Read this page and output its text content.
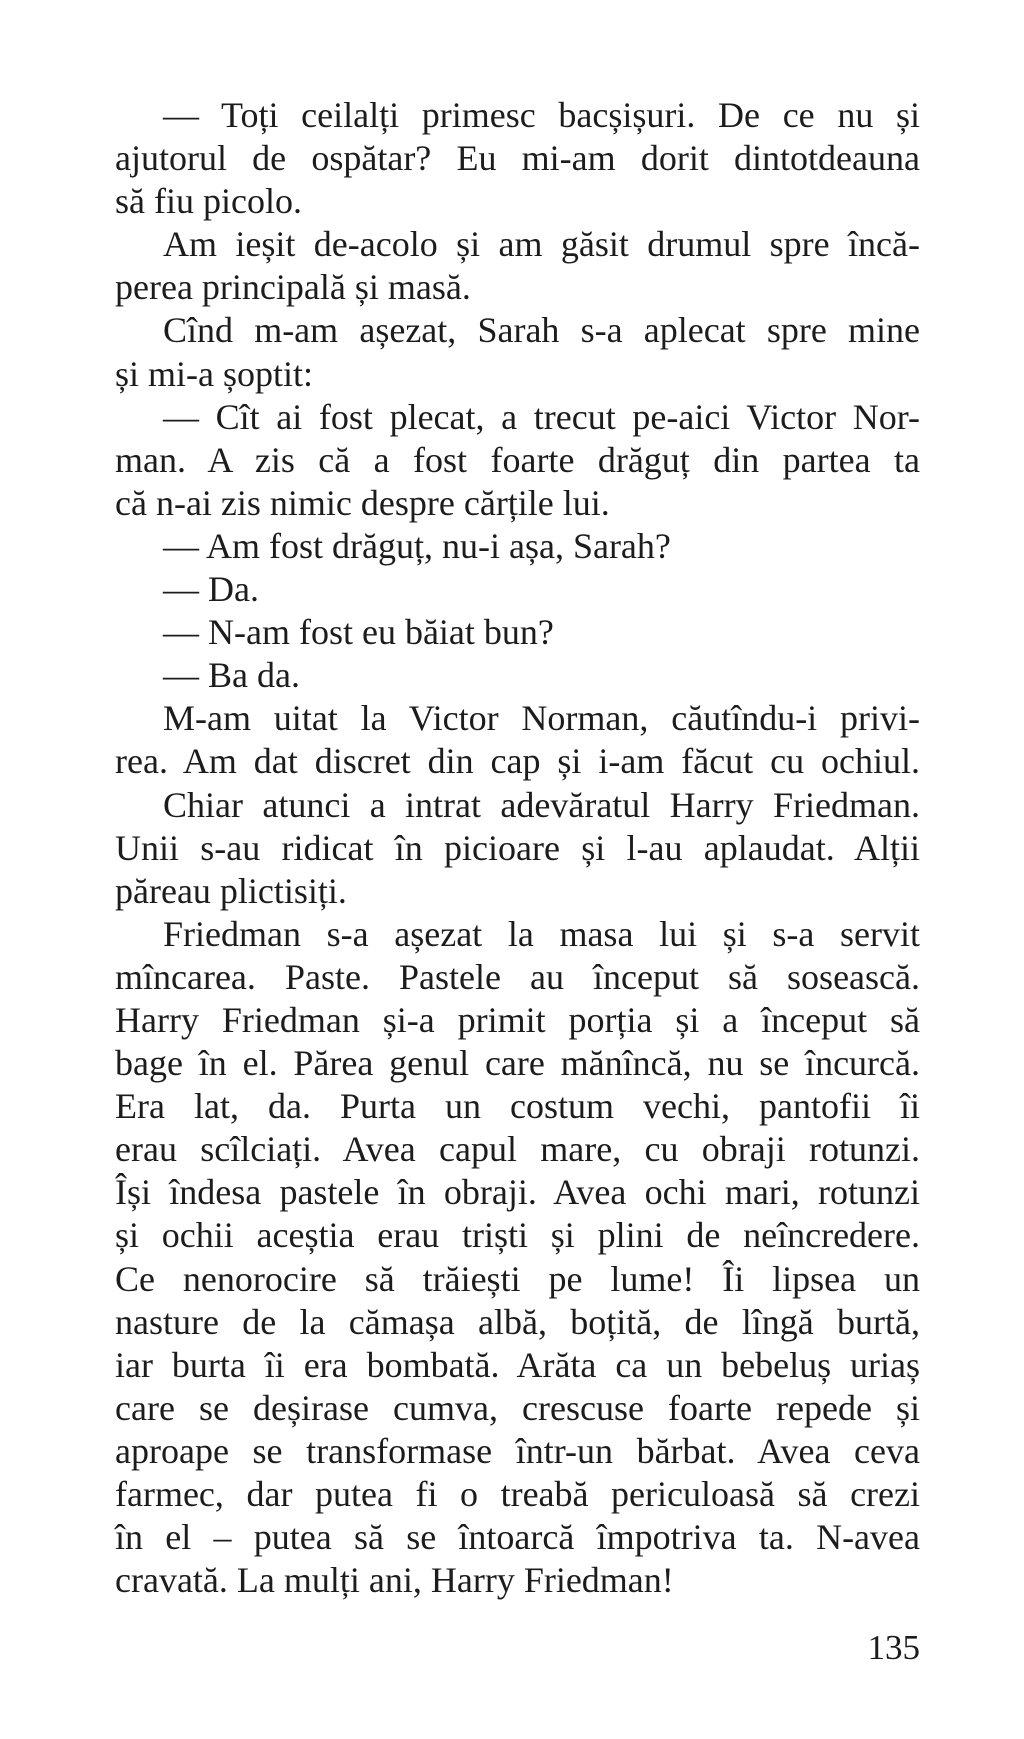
— Toți ceilalți primesc bacșișuri. De ce nu și
ajutorul de ospătar? Eu mi-am dorit dintotdeauna
să fiu picolo.
Am ieșit de-acolo și am găsit drumul spre încă-
perea principală și masă.
Cînd m-am așezat, Sarah s-a aplecat spre mine
și mi-a șoptit:
— Cît ai fost plecat, a trecut pe-aici Victor Nor-
man. A zis că a fost foarte drăguț din partea ta
că n-ai zis nimic despre cărțile lui.
— Am fost drăguț, nu-i așa, Sarah?
— Da.
— N-am fost eu băiat bun?
— Ba da.
M-am uitat la Victor Norman, căutîndu-i privi-
rea. Am dat discret din cap și i-am făcut cu ochiul.
Chiar atunci a intrat adevăratul Harry Friedman.
Unii s-au ridicat în picioare și l-au aplaudat. Alții
păreau plictisiți.
Friedman s-a așezat la masa lui și s-a servit
mîncarea. Paste. Pastele au început să sosească.
Harry Friedman și-a primit porția și a început să
bage în el. Părea genul care mănîncă, nu se încurcă.
Era lat, da. Purta un costum vechi, pantofii îi
erau scîlciați. Avea capul mare, cu obraji rotunzi.
Își îndesa pastele în obraji. Avea ochi mari, rotunzi
și ochii aceștia erau triști și plini de neîncredere.
Ce nenorocire să trăiești pe lume! Îi lipsea un
nasture de la cămașa albă, boțită, de lîngă burtă,
iar burta îi era bombată. Arăta ca un bebeluș uriaș
care se deșirase cumva, crescuse foarte repede și
aproape se transformase într-un bărbat. Avea ceva
farmec, dar putea fi o treabă periculoasă să crezi
în el – putea să se întoarcă împotriva ta. N-avea
cravată. La mulți ani, Harry Friedman!
135
